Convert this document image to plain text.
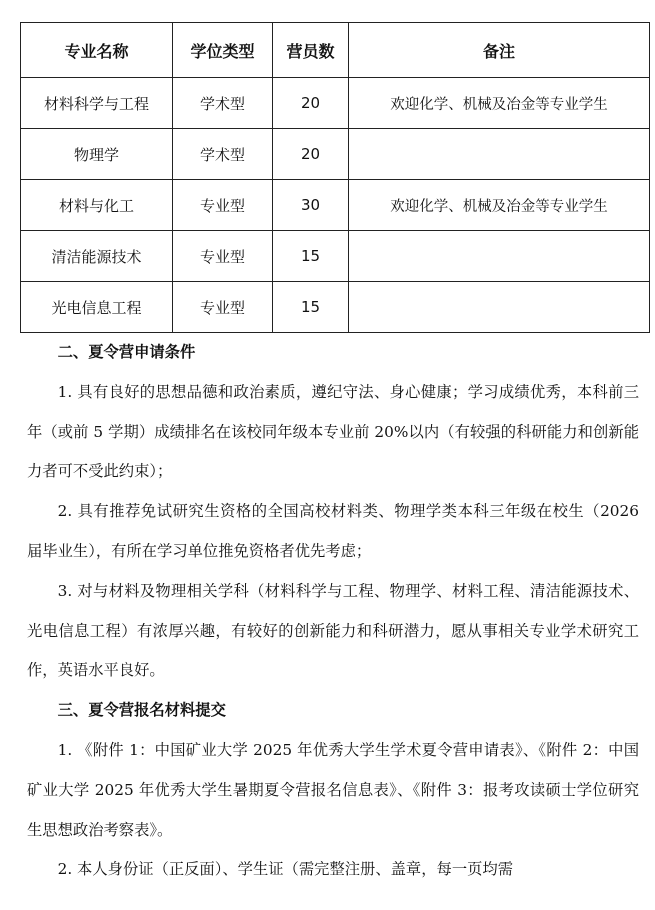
专业名称	学位类型	营员数	备注
材料科学与工程	学术型	20	欢迎化学、机械及冶金等专业学生
物理学	学术型	20	
材料与化工	专业型	30	欢迎化学、机械及冶金等专业学生
清洁能源技术	专业型	15	
光电信息工程	专业型	15	
二、夏令营申请条件

1. 具有良好的思想品德和政治素质，遵纪守法、身心健康；学习成绩优秀，本科前三年（或前 5 学期）成绩排名在该校同年级本专业前 20%以内（有较强的科研能力和创新能力者可不受此约束）；

2. 具有推荐免试研究生资格的全国高校材料类、物理学类本科三年级在校生（2026 届毕业生），有所在学习单位推免资格者优先考虑；

3. 对与材料及物理相关学科（材料科学与工程、物理学、材料工程、清洁能源技术、光电信息工程）有浓厚兴趣，有较好的创新能力和科研潜力，愿从事相关专业学术研究工作，英语水平良好。

三、夏令营报名材料提交

1. 《附件 1：中国矿业大学 2025 年优秀大学生学术夏令营申请表》、《附件 2：中国矿业大学 2025 年优秀大学生暑期夏令营报名信息表》、《附件 3：报考攻读硕士学位研究生思想政治考察表》。

2. 本人身份证（正反面）、学生证（需完整注册、盖章，每一页均需
